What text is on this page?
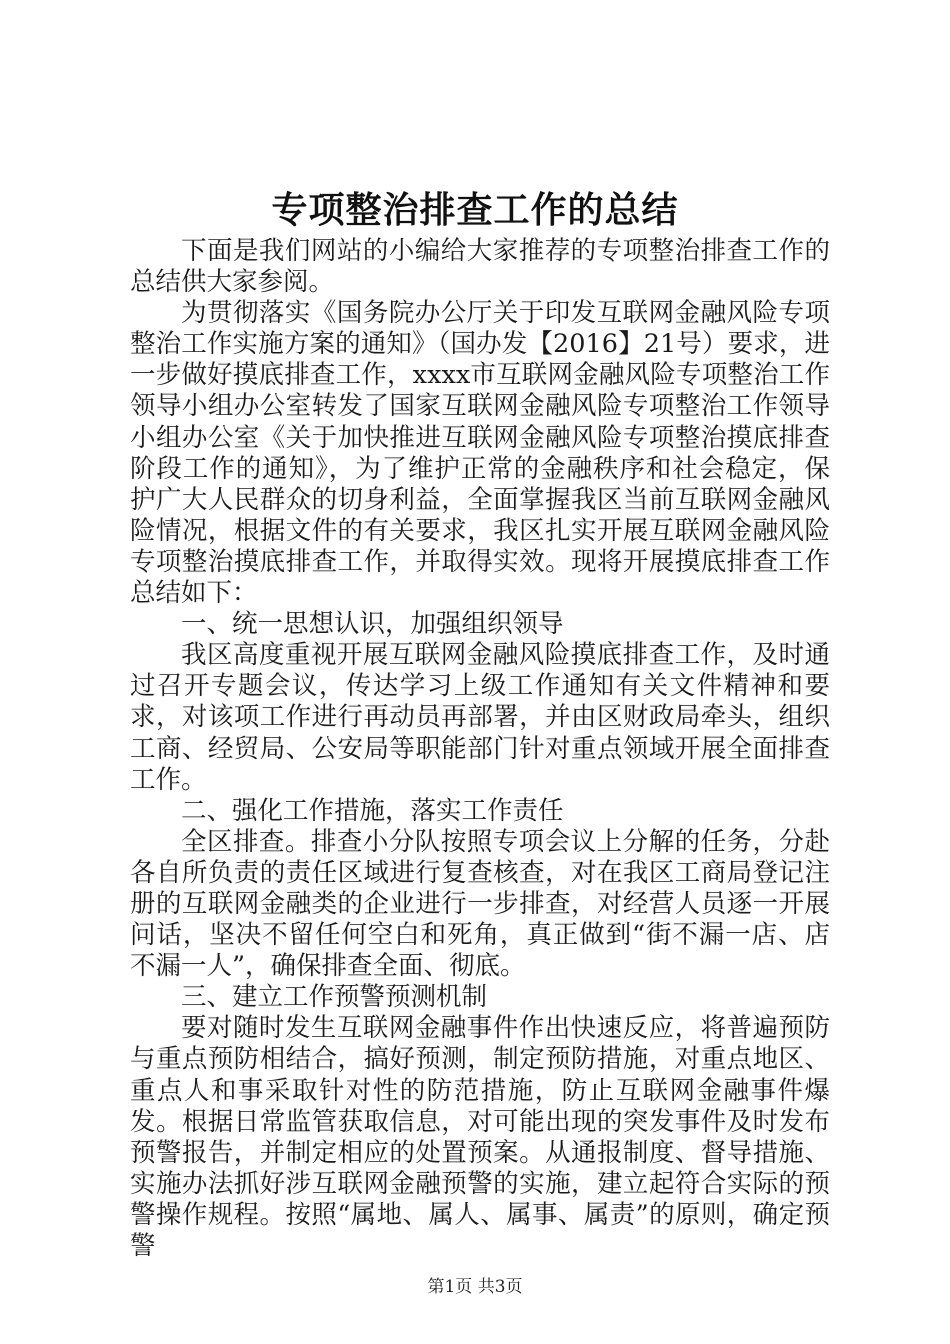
专项整治排查工作的总结

下面是我们网站的小编给大家推荐的专项整治排查工作的总结供大家参阅。

为贯彻落实《国务院办公厅关于印发互联网金融风险专项整治工作实施方案的通知》（国办发【2016】21号）要求，进一步做好摸底排查工作，xxxx市互联网金融风险专项整治工作领导小组办公室转发了国家互联网金融风险专项整治工作领导小组办公室《关于加快推进互联网金融风险专项整治摸底排查阶段工作的通知》，为了维护正常的金融秩序和社会稳定，保护广大人民群众的切身利益，全面掌握我区当前互联网金融风险情况，根据文件的有关要求，我区扎实开展互联网金融风险专项整治摸底排查工作，并取得实效。现将开展摸底排查工作总结如下：

一、统一思想认识，加强组织领导

我区高度重视开展互联网金融风险摸底排查工作，及时通过召开专题会议，传达学习上级工作通知有关文件精神和要求，对该项工作进行再动员再部署，并由区财政局牵头，组织工商、经贸局、公安局等职能部门针对重点领域开展全面排查工作。

二、强化工作措施，落实工作责任

全区排查。排查小分队按照专项会议上分解的任务，分赴各自所负责的责任区域进行复查核查，对在我区工商局登记注册的互联网金融类的企业进行一步排查，对经营人员逐一开展问话，坚决不留任何空白和死角，真正做到“街不漏一店、店不漏一人”，确保排查全面、彻底。

三、建立工作预警预测机制

要对随时发生互联网金融事件作出快速反应，将普遍预防与重点预防相结合，搞好预测，制定预防措施，对重点地区、重点人和事采取针对性的防范措施，防止互联网金融事件爆发。根据日常监管获取信息，对可能出现的突发事件及时发布预警报告，并制定相应的处置预案。从通报制度、督导措施、实施办法抓好涉互联网金融预警的实施，建立起符合实际的预警操作规程。按照“属地、属人、属事、属责”的原则，确定预警

第1页 共3页
